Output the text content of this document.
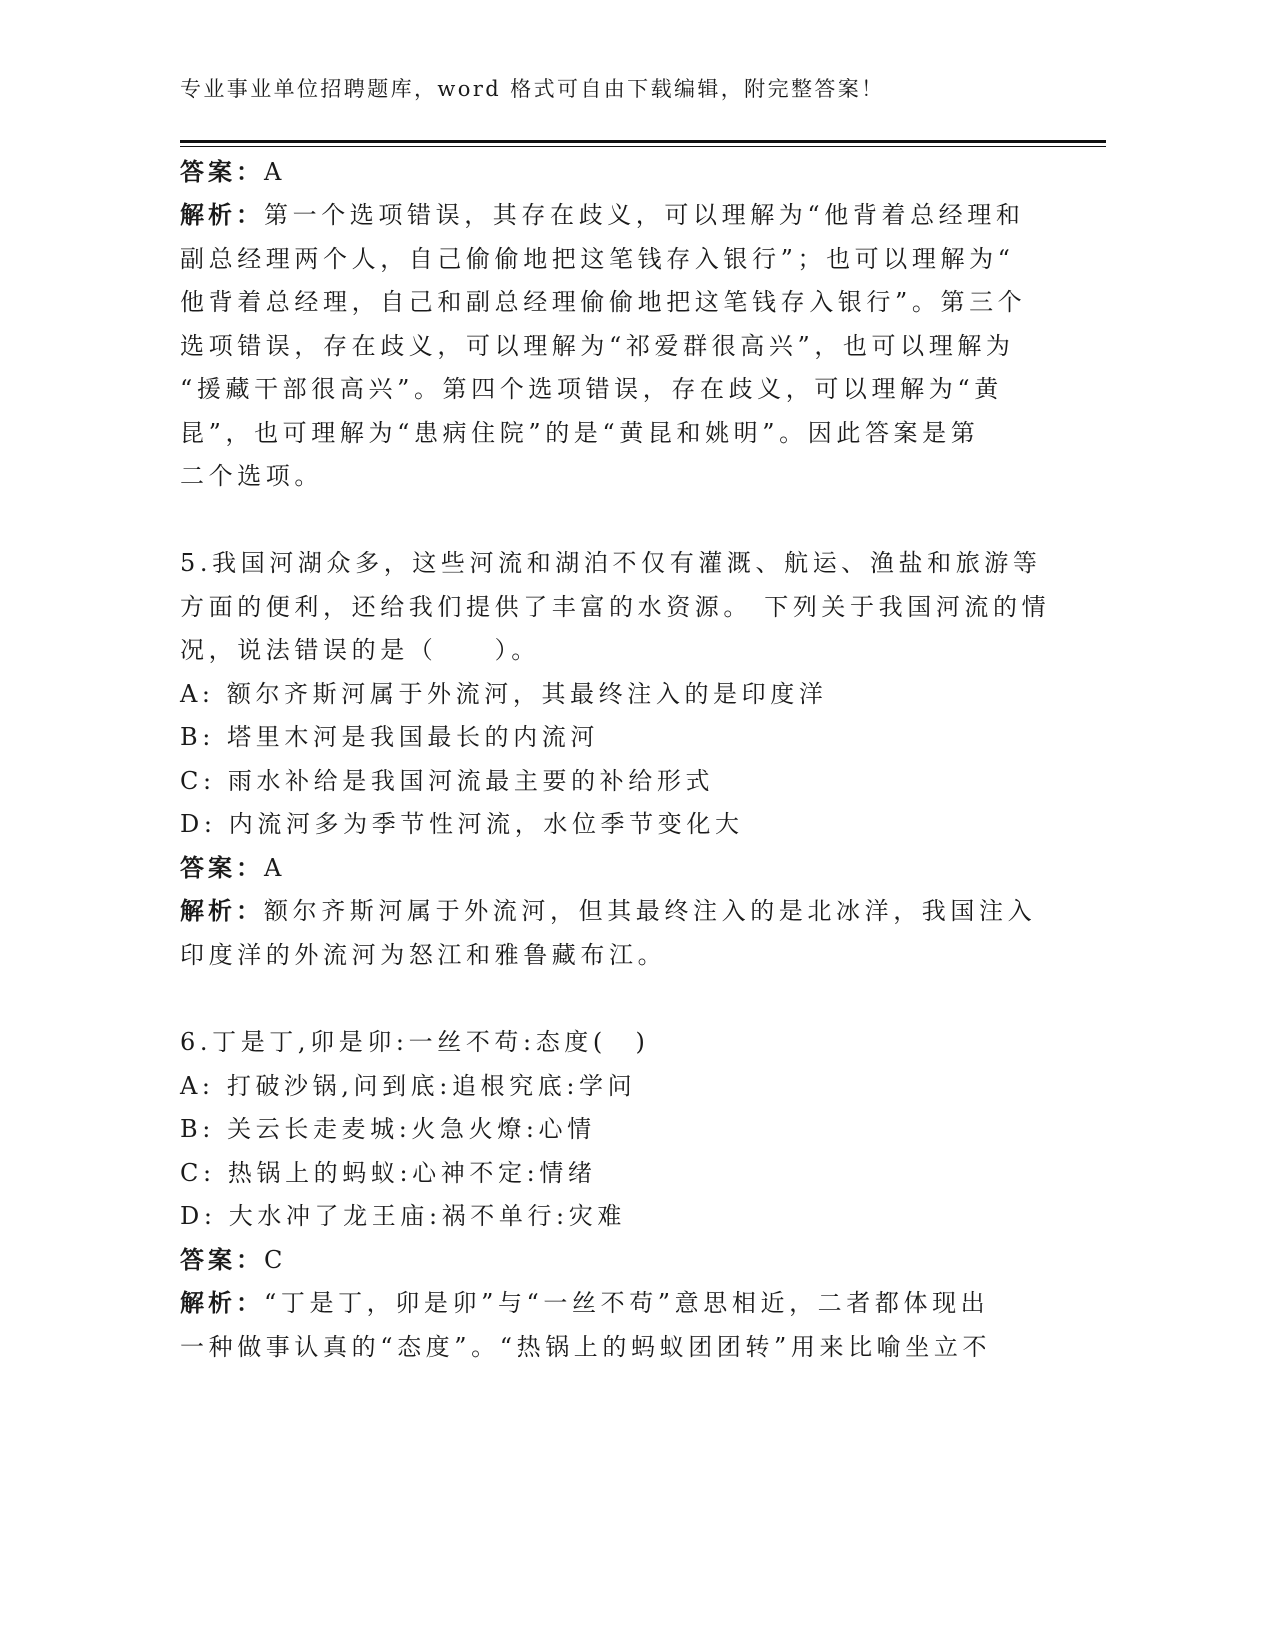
专业事业单位招聘题库，word 格式可自由下载编辑，附完整答案！
答案：A
解析：第一个选项错误，其存在歧义，可以理解为“他背着总经理和
副总经理两个人，自己偷偷地把这笔钱存入银行”；也可以理解为“
他背着总经理，自己和副总经理偷偷地把这笔钱存入银行”。第三个
选项错误，存在歧义，可以理解为“祁爱群很高兴”，也可以理解为
“援藏干部很高兴”。第四个选项错误，存在歧义，可以理解为“黄
昆”，也可理解为“患病住院”的是“黄昆和姚明”。因此答案是第
二个选项。
5.我国河湖众多，这些河流和湖泊不仅有灌溉、航运、渔盐和旅游等
方面的便利，还给我们提供了丰富的水资源。 下列关于我国河流的情
况，说法错误的是（　　）。
A: 额尔齐斯河属于外流河，其最终注入的是印度洋
B: 塔里木河是我国最长的内流河
C: 雨水补给是我国河流最主要的补给形式
D: 内流河多为季节性河流，水位季节变化大
答案：A
解析：额尔齐斯河属于外流河，但其最终注入的是北冰洋，我国注入
印度洋的外流河为怒江和雅鲁藏布江。
6.丁是丁,卯是卯:一丝不苟:态度(　)
A: 打破沙锅,问到底:追根究底:学问
B: 关云长走麦城:火急火燎:心情
C: 热锅上的蚂蚁:心神不定:情绪
D: 大水冲了龙王庙:祸不单行:灾难
答案：C
解析：“丁是丁，卯是卯”与“一丝不苟”意思相近，二者都体现出
一种做事认真的“态度”。“热锅上的蚂蚁团团转”用来比喻坐立不
